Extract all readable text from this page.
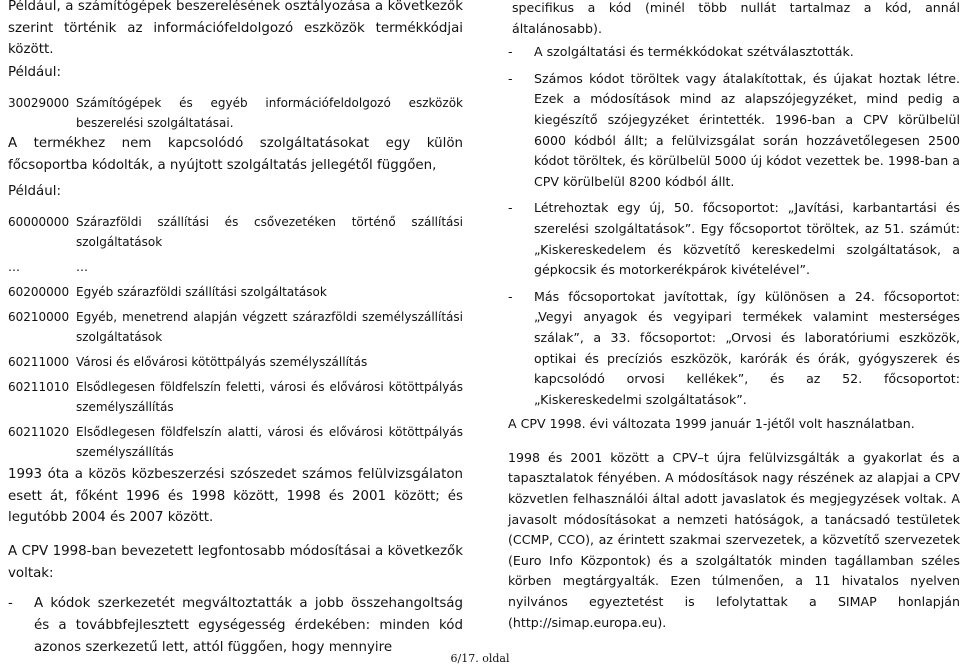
Például, a számítógépek beszerelésének osztályozása a következők szerint történik az információfeldolgozó eszközök termékkódjai között.

Például:

30029000 Számítógépek és egyéb információfeldolgozó eszközök beszerelési szolgáltatásai.

A termékhez nem kapcsolódó szolgáltatásokat egy külön főcsoportba kódolták, a nyújtott szolgáltatás jellegétől függően,

Például:

60000000 Szárazföldi szállítási és csővezetéken történő szállítási szolgáltatások
…	…
60200000 Egyéb szárazföldi szállítási szolgáltatások
60210000 Egyéb, menetrend alapján végzett szárazföldi személyszállítási szolgáltatások
60211000 Városi és elővárosi kötöttpályás személyszállítás
60211010 Elsődlegesen földfelszín feletti, városi és elővárosi kötöttpályás személyszállítás
60211020 Elsődlegesen földfelszín alatti, városi és elővárosi kötöttpályás személyszállítás

1993 óta a közös közbeszerzési szószedet számos felülvizsgálaton esett át, főként 1996 és 1998 között, 1998 és 2001 között; és legutóbb 2004 és 2007 között.

A CPV 1998-ban bevezetett legfontosabb módosításai a következők voltak:

-	A kódok szerkezetét megváltoztatták a jobb összehangoltság és a továbbfejlesztett egységesség érdekében: minden kód azonos szerkezetű lett, attól függően, hogy mennyire

specifikus a kód (minél több nullát tartalmaz a kód, annál általánosabb).

-	A szolgáltatási és termékkódokat szétválasztották.
-	Számos kódot töröltek vagy átalakítottak, és újakat hoztak létre. Ezek a módosítások mind az alapszójegyzéket, mind pedig a kiegészítő szójegyzéket érintették. 1996-ban a CPV körülbelül 6000 kódból állt; a felülvizsgálat során hozzávetőlegesen 2500 kódot töröltek, és körülbelül 5000 új kódot vezettek be. 1998-ban a CPV körülbelül 8200 kódból állt.
-	Létrehoztak egy új, 50. főcsoportot: „Javítási, karbantartási és szerelési szolgáltatások”. Egy főcsoportot töröltek, az 51. számút: „Kiskereskedelem és közvetítő kereskedelmi szolgáltatások, a gépkocsik és motorkerékpárok kivételével”.
-	Más főcsoportokat javítottak, így különösen a 24. főcsoportot: „Vegyi anyagok és vegyipari termékek valamint mesterséges szálak”, a 33. főcsoportot: „Orvosi és laboratóriumi eszközök, optikai és precíziós eszközök, karórák és órák, gyógyszerek és kapcsolódó orvosi kellékek”, és az 52. főcsoportot: „Kiskereskedelmi szolgáltatások”.

A CPV 1998. évi változata 1999 január 1-jétől volt használatban.

1998 és 2001 között a CPV–t újra felülvizsgálták a gyakorlat és a tapasztalatok fényében. A módosítások nagy részének az alapjai a CPV közvetlen felhasználói által adott javaslatok és megjegyzések voltak. A javasolt módosításokat a nemzeti hatóságok, a tanácsadó testületek (CCMP, CCO), az érintett szakmai szervezetek, a közvetítő szervezetek (Euro Info Központok) és a szolgáltatók minden tagállamban széles körben megtárgyalták. Ezen túlmenően, a 11 hivatalos nyelven nyilvános egyeztetést is lefolytattak a SIMAP honlapján (http://simap.europa.eu).

6/17. oldal
